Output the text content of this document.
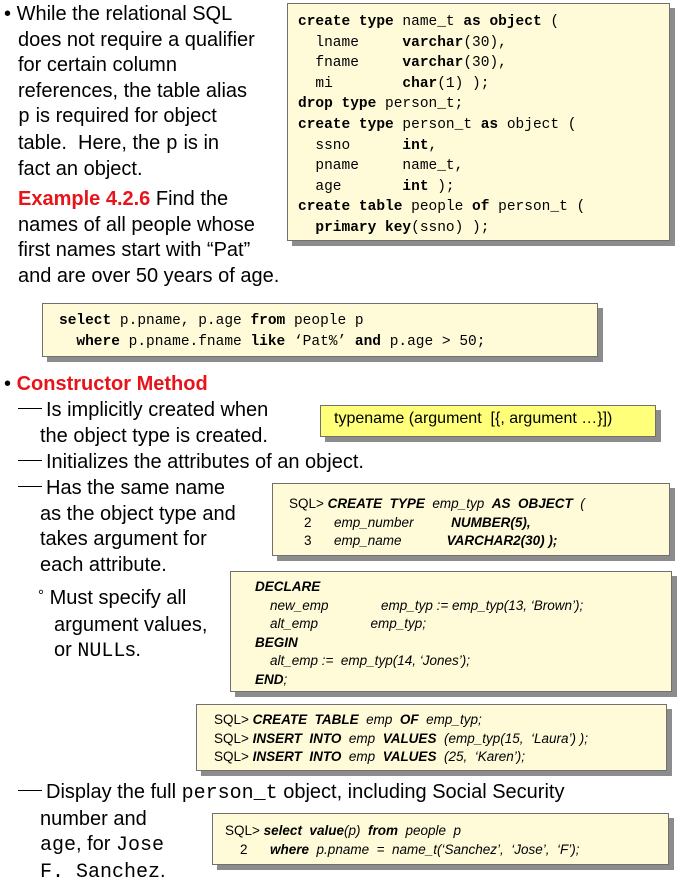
• While the relational SQL
does not require a qualifier
for certain column
references, the table alias
p is required for object
table.  Here, the p is in
fact an object.
Example 4.2.6 Find the
names of all people whose
first names start with “Pat”
and are over 50 years of age.
create type name_t as object (
lname     varchar(30),
fname     varchar(30),
mi        char(1) );
drop type person_t;
create type person_t as object (
ssno      int,
pname     name_t,
age       int );
create table people of person_t (
primary key(ssno) );
select p.pname, p.age from people p
where p.pname.fname like ‘Pat%’ and p.age > 50;
• Constructor Method
typename (argument  [{, argument …}])
Is implicitly created when
the object type is created.
Initializes the attributes of an object.
Has the same name
as the object type and
takes argument for
each attribute.
° Must specify all
argument values,
or NULLs.
SQL> CREATE  TYPE  emp_typ  AS  OBJECT  (
2      emp_number          NUMBER(5),
3      emp_name            VARCHAR2(30) );
DECLARE
new_emp              emp_typ := emp_typ(13, ‘Brown’);
alt_emp              emp_typ;
BEGIN
alt_emp :=  emp_typ(14, ‘Jones’);
END;
SQL> CREATE  TABLE  emp  OF  emp_typ;
SQL> INSERT  INTO  emp  VALUES  (emp_typ(15,  ‘Laura’) );
SQL> INSERT  INTO  emp  VALUES  (25,  ‘Karen’);
Display the full person_t object, including Social Security
number and
age, for Jose
F. Sanchez.
SQL> select  value(p)  from  people  p
2      where  p.pname  =  name_t(‘Sanchez’,  ‘Jose’,  ‘F’);
